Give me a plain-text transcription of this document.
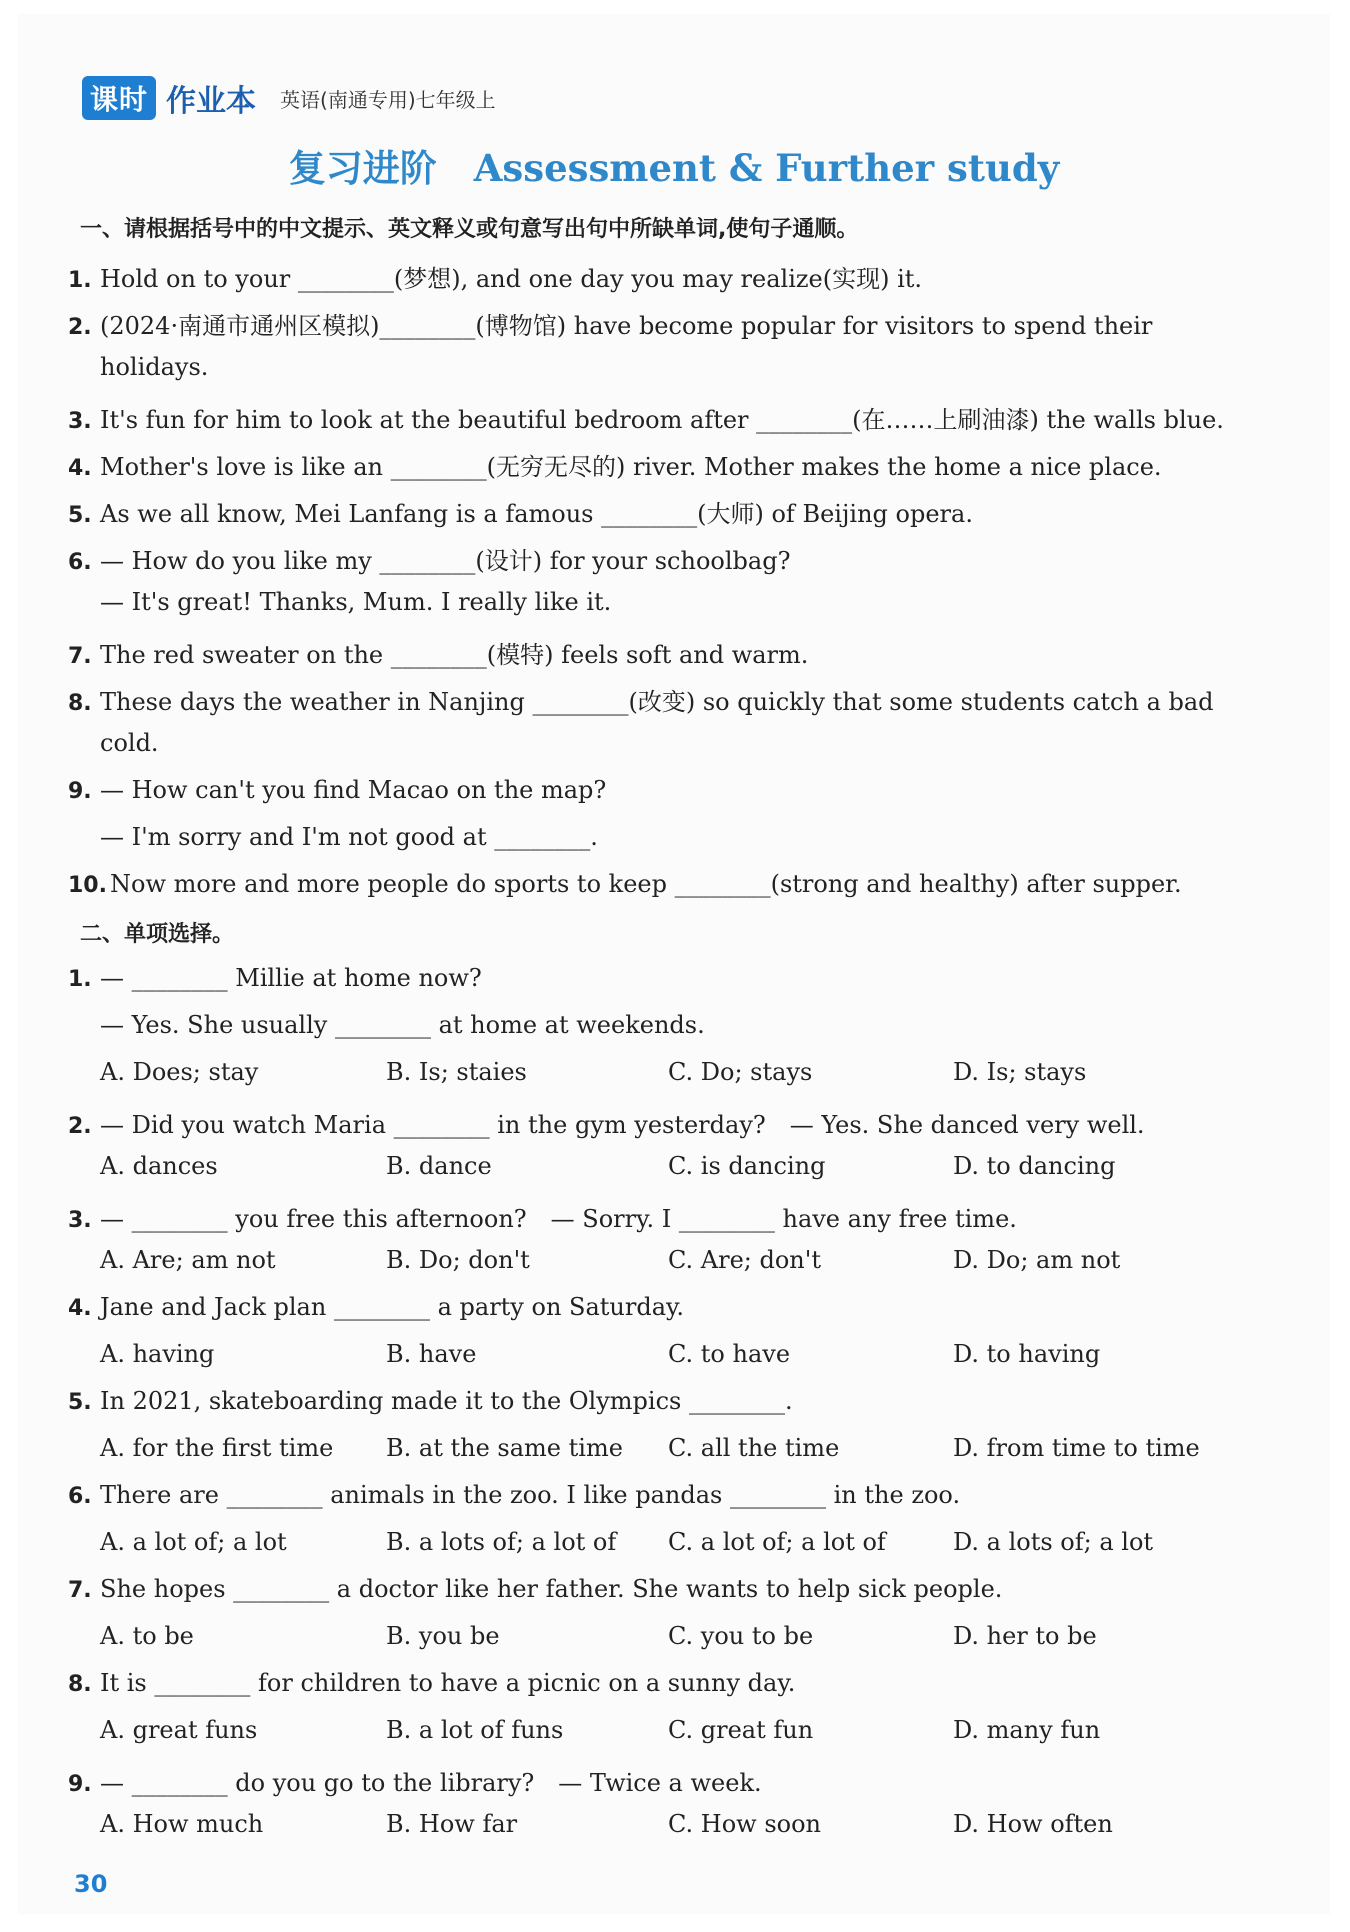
课时 作业本 英语(南通专用)七年级上
复习进阶　Assessment & Further study
一、请根据括号中的中文提示、英文释义或句意写出句中所缺单词,使句子通顺。
1. Hold on to your ________(梦想), and one day you may realize(实现) it.
2. (2024·南通市通州区模拟)________(博物馆) have become popular for visitors to spend their
holidays.
3. It's fun for him to look at the beautiful bedroom after ________(在……上刷油漆) the walls blue.
4. Mother's love is like an ________(无穷无尽的) river. Mother makes the home a nice place.
5. As we all know, Mei Lanfang is a famous ________(大师) of Beijing opera.
6. — How do you like my ________(设计) for your schoolbag?
— It's great! Thanks, Mum. I really like it.
7. The red sweater on the ________(模特) feels soft and warm.
8. These days the weather in Nanjing ________(改变) so quickly that some students catch a bad
cold.
9. — How can't you find Macao on the map?
— I'm sorry and I'm not good at ________.
10. Now more and more people do sports to keep ________(strong and healthy) after supper.
二、单项选择。
1. — ________ Millie at home now?
— Yes. She usually ________ at home at weekends.
A. Does; stay	B. Is; staies	C. Do; stays	D. Is; stays
2. — Did you watch Maria ________ in the gym yesterday?　— Yes. She danced very well.
A. dances	B. dance	C. is dancing	D. to dancing
3. — ________ you free this afternoon?　— Sorry. I ________ have any free time.
A. Are; am not	B. Do; don't	C. Are; don't	D. Do; am not
4. Jane and Jack plan ________ a party on Saturday.
A. having	B. have	C. to have	D. to having
5. In 2021, skateboarding made it to the Olympics ________.
A. for the first time B. at the same time C. all the time	D. from time to time
6. There are ________ animals in the zoo. I like pandas ________ in the zoo.
A. a lot of; a lot	B. a lots of; a lot of C. a lot of; a lot of	D. a lots of; a lot
7. She hopes ________ a doctor like her father. She wants to help sick people.
A. to be	B. you be	C. you to be	D. her to be
8. It is ________ for children to have a picnic on a sunny day.
A. great funs	B. a lot of funs	C. great fun	D. many fun
9. — ________ do you go to the library?　— Twice a week.
A. How much	B. How far	C. How soon	D. How often
30
